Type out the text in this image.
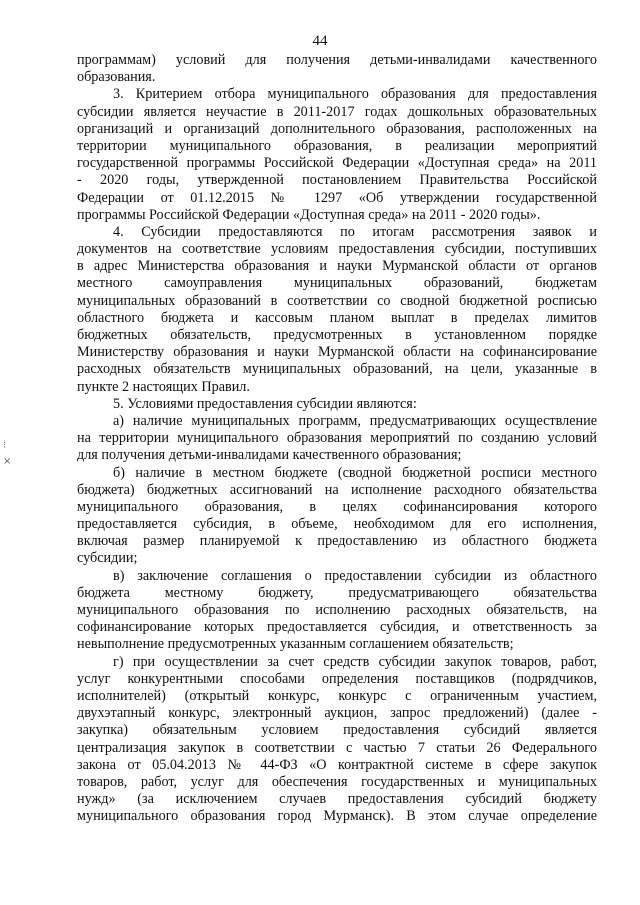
44
⁝
×
программам) условий для получения детьми-инвалидами качественного
образования.
3. Критерием отбора муниципального образования для предоставления
субсидии является неучастие в 2011-2017 годах дошкольных образовательных
организаций и организаций дополнительного образования, расположенных на
территории муниципального образования, в реализации мероприятий
государственной программы Российской Федерации «Доступная среда» на 2011
- 2020 годы, утвержденной постановлением Правительства Российской
Федерации от 01.12.2015 № 1297 «Об утверждении государственной
программы Российской Федерации «Доступная среда» на 2011 - 2020 годы».
4. Субсидии предоставляются по итогам рассмотрения заявок и
документов на соответствие условиям предоставления субсидии, поступивших
в адрес Министерства образования и науки Мурманской области от органов
местного самоуправления муниципальных образований, бюджетам
муниципальных образований в соответствии со сводной бюджетной росписью
областного бюджета и кассовым планом выплат в пределах лимитов
бюджетных обязательств, предусмотренных в установленном порядке
Министерству образования и науки Мурманской области на софинансирование
расходных обязательств муниципальных образований, на цели, указанные в
пункте 2 настоящих Правил.
5. Условиями предоставления субсидии являются:
а) наличие муниципальных программ, предусматривающих осуществление
на территории муниципального образования мероприятий по созданию условий
для получения детьми-инвалидами качественного образования;
б) наличие в местном бюджете (сводной бюджетной росписи местного
бюджета) бюджетных ассигнований на исполнение расходного обязательства
муниципального образования, в целях софинансирования которого
предоставляется субсидия, в объеме, необходимом для его исполнения,
включая размер планируемой к предоставлению из областного бюджета
субсидии;
в) заключение соглашения о предоставлении субсидии из областного
бюджета местному бюджету, предусматривающего обязательства
муниципального образования по исполнению расходных обязательств, на
софинансирование которых предоставляется субсидия, и ответственность за
невыполнение предусмотренных указанным соглашением обязательств;
г) при осуществлении за счет средств субсидии закупок товаров, работ,
услуг конкурентными способами определения поставщиков (подрядчиков,
исполнителей) (открытый конкурс, конкурс с ограниченным участием,
двухэтапный конкурс, электронный аукцион, запрос предложений) (далее -
закупка) обязательным условием предоставления субсидий является
централизация закупок в соответствии с частью 7 статьи 26 Федерального
закона от 05.04.2013 № 44-ФЗ «О контрактной системе в сфере закупок
товаров, работ, услуг для обеспечения государственных и муниципальных
нужд» (за исключением случаев предоставления субсидий бюджету
муниципального образования город Мурманск). В этом случае определение
